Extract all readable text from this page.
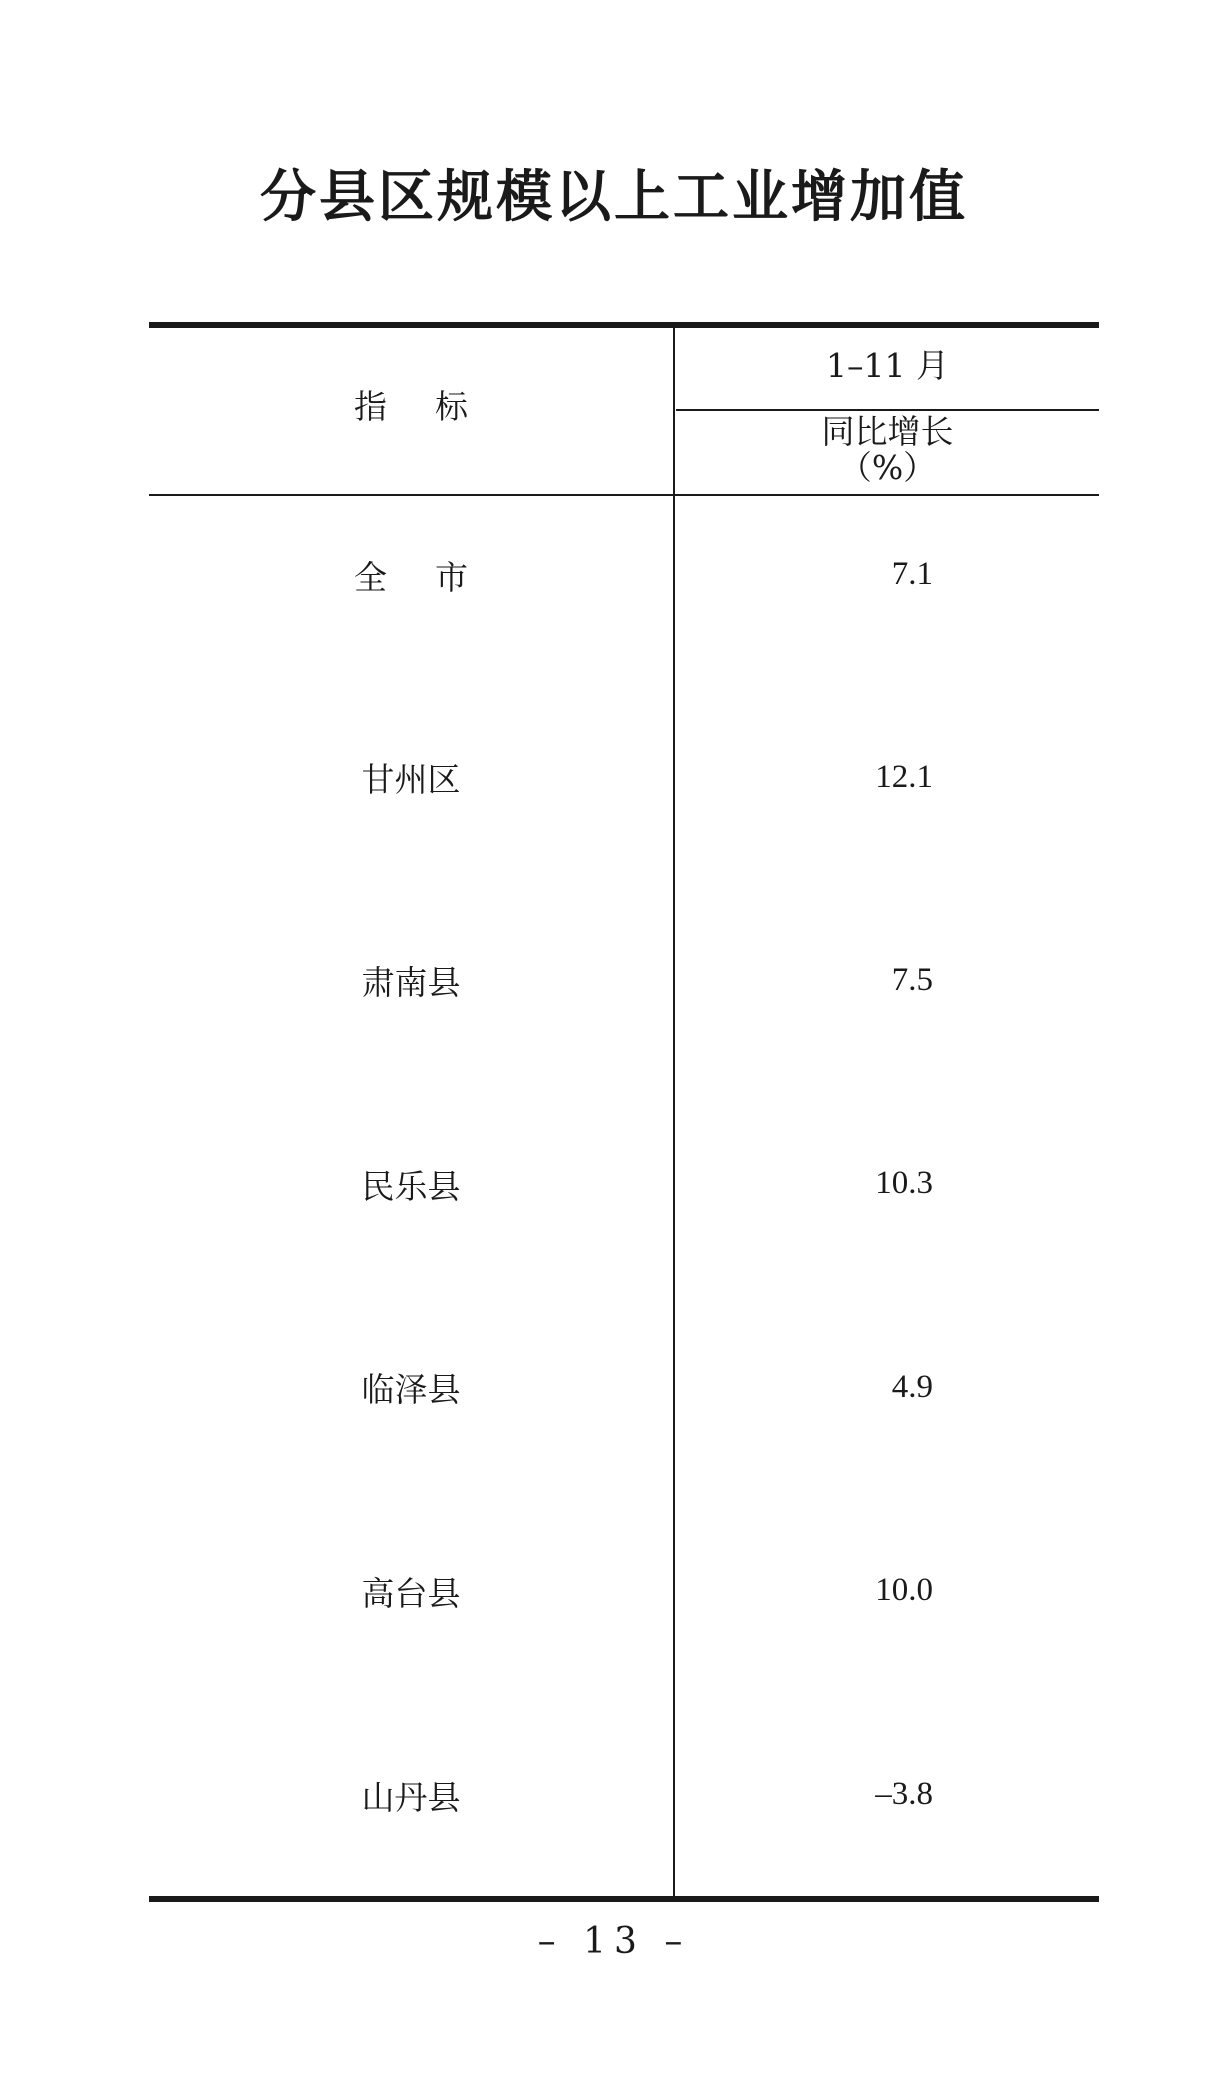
分县区规模以上工业增加值
指标
1–11 月
同比增长
（%）
全市	7.1
甘州区	12.1
肃南县	7.5
民乐县	10.3
临泽县	4.9
高台县	10.0
山丹县	–3.8
– 13 –
